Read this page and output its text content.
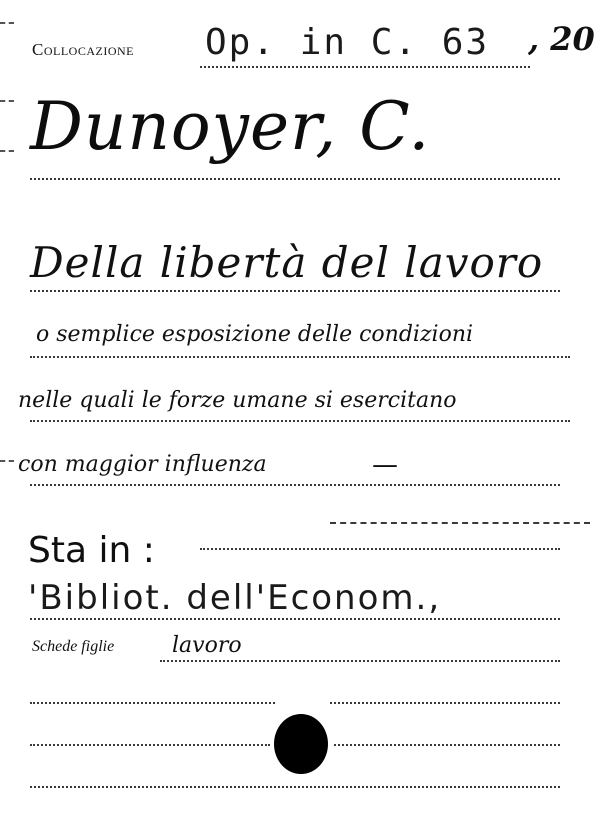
Collocazione Op. in C. 63 , 20
Dunoyer, C.
Della libertà del lavoro
o semplice esposizione delle condizioni
nelle quali le forze umane si esercitano
con maggior influenza	—
Sta in :
'Bibliot. dell'Econom.,
Schede figlie	lavoro
